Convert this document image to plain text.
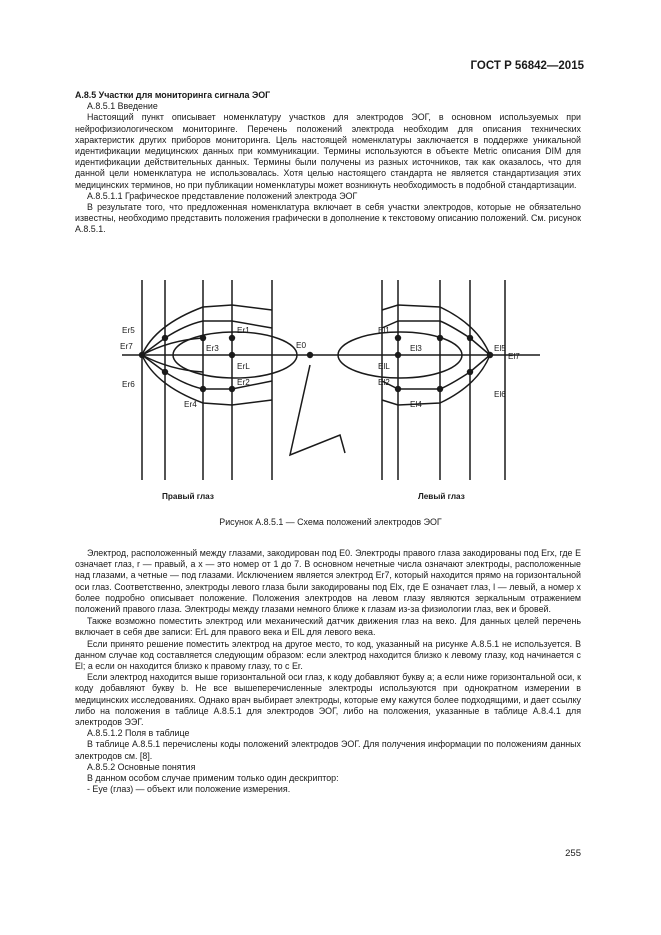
ГОСТ Р 56842—2015
А.8.5 Участки для мониторинга сигнала ЭОГ
А.8.5.1 Введение
Настоящий пункт описывает номенклатуру участков для электродов ЭОГ, в основном используемых при нейрофизиологическом мониторинге. Перечень положений электрода необходим для описания технических характеристик других приборов мониторинга. Цель настоящей номенклатуры заключается в поддержке уникальной идентификации медицинских данных при коммуникации. Термины используются в объекте Metric описания DIM для идентификации действительных данных. Термины были получены из разных источников, так как оказалось, что для данной цели номенклатура не использовалась. Хотя целью настоящего стандарта не является стандартизация этих медицинских терминов, но при публикации номенклатуры может возникнуть необходимость в подобной стандартизации.
А.8.5.1.1 Графическое представление положений электрода ЭОГ
В результате того, что предложенная номенклатура включает в себя участки электродов, которые не обязательно известны, необходимо представить положения графически в дополнение к текстовому описанию положений. См. рисунок А.8.5.1.
Er7
Er5
Er6
Er3
Er4
Er1
Er2
ErL
E0
El1
El2
ElL
El3
El4
El5
El6
El7
Правый глаз	Левый глаз
Рисунок А.8.5.1 — Схема положений электродов ЭОГ
Электрод, расположенный между глазами, закодирован под E0. Электроды правого глаза закодированы под Erx, где E означает глаз, r — правый, а x — это номер от 1 до 7. В основном нечетные числа означают электроды, расположенные над глазами, а четные — под глазами. Исключением является электрод Er7, который находится прямо на горизонтальной оси глаз. Соответственно, электроды левого глаза были закодированы под Elx, где E означает глаз, l — левый, а номер x более подробно описывает положение. Положения электродов на левом глазу являются зеркальным отражением положений правого глаза. Электроды между глазами немного ближе к глазам из-за физиологии глаз, век и бровей.
Также возможно поместить электрод или механический датчик движения глаз на веко. Для данных целей перечень включает в себя две записи: ErL для правого века и ElL для левого века.
Если принято решение поместить электрод на другое место, то код, указанный на рисунке А.8.5.1 не используется. В данном случае код составляется следующим образом: если электрод находится близко к левому глазу, код начинается с El; а если он находится близко к правому глазу, то с Er.
Если электрод находится выше горизонтальной оси глаз, к коду добавляют букву a; а если ниже горизонтальной оси, к коду добавляют букву b. Не все вышеперечисленные электроды используются при однократном измерении в медицинских исследованиях. Однако врач выбирает электроды, которые ему кажутся более подходящими, и дает ссылку либо на положения в таблице А.8.5.1 для электродов ЭОГ, либо на положения, указанные в таблице А.8.4.1 для электродов ЭЭГ.
А.8.5.1.2 Поля в таблице
В таблице А.8.5.1 перечислены коды положений электродов ЭОГ. Для получения информации по положениям данных электродов см. [8].
А.8.5.2 Основные понятия
В данном особом случае применим только один дескриптор:
- Eye (глаз) — объект или положение измерения.
255
